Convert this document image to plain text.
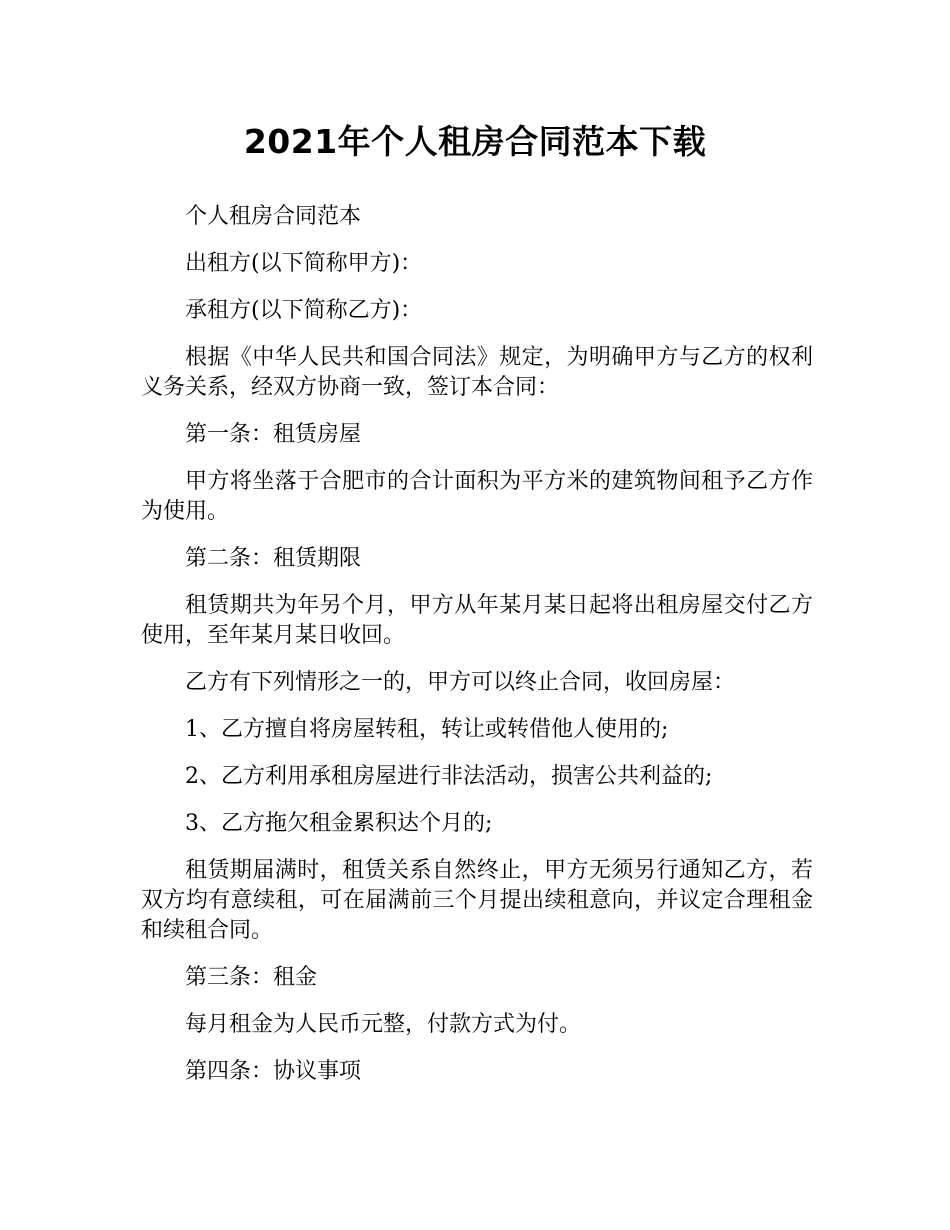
2021年个人租房合同范本下载

个人租房合同范本

出租方(以下简称甲方)：

承租方(以下简称乙方)：

根据《中华人民共和国合同法》规定，为明确甲方与乙方的权利义务关系，经双方协商一致，签订本合同：

第一条：租赁房屋

甲方将坐落于合肥市的合计面积为平方米的建筑物间租予乙方作为使用。

第二条：租赁期限

租赁期共为年另个月，甲方从年某月某日起将出租房屋交付乙方使用，至年某月某日收回。

乙方有下列情形之一的，甲方可以终止合同，收回房屋：

1、乙方擅自将房屋转租，转让或转借他人使用的;

2、乙方利用承租房屋进行非法活动，损害公共利益的;

3、乙方拖欠租金累积达个月的;

租赁期届满时，租赁关系自然终止，甲方无须另行通知乙方，若双方均有意续租，可在届满前三个月提出续租意向，并议定合理租金和续租合同。

第三条：租金

每月租金为人民币元整，付款方式为付。

第四条：协议事项
